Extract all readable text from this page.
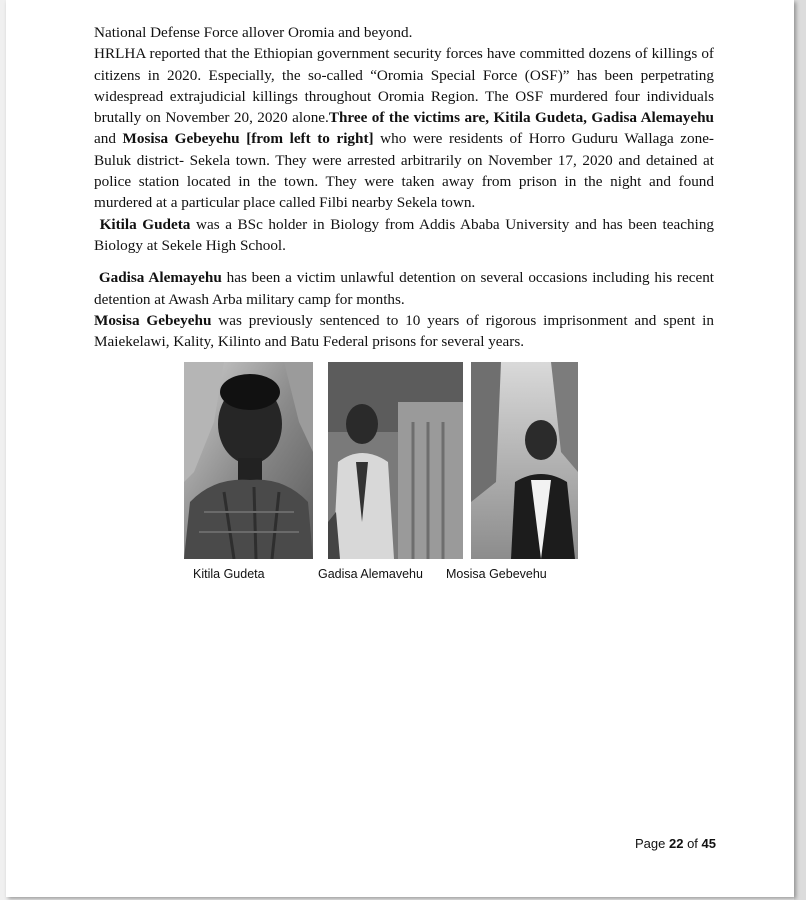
National Defense Force allover Oromia and beyond.

HRLHA reported that the Ethiopian government security forces have committed dozens of killings of citizens in 2020. Especially, the so-called “Oromia Special Force (OSF)” has been perpetrating widespread extrajudicial killings throughout Oromia Region. The OSF murdered four individuals brutally on November 20, 2020 alone.Three of the victims are, Kitila Gudeta, Gadisa Alemayehu and Mosisa Gebeyehu [from left to right] who were residents of Horro Guduru Wallaga zone- Buluk district- Sekela town. They were arrested arbitrarily on November 17, 2020 and detained at police station located in the town. They were taken away from prison in the night and found murdered at a particular place called Filbi nearby Sekela town.

Kitila Gudeta was a BSc holder in Biology from Addis Ababa University and has been teaching Biology at Sekele High School.

Gadisa Alemayehu has been a victim unlawful detention on several occasions including his recent detention at Awash Arba military camp for months.

Mosisa Gebeyehu was previously sentenced to 10 years of rigorous imprisonment and spent in Maiekelawi, Kality, Kilinto and Batu Federal prisons for several years.

Kitila Gudeta	Gadisa Alemavehu Mosisa Gebevehu
Page 22 of 45
